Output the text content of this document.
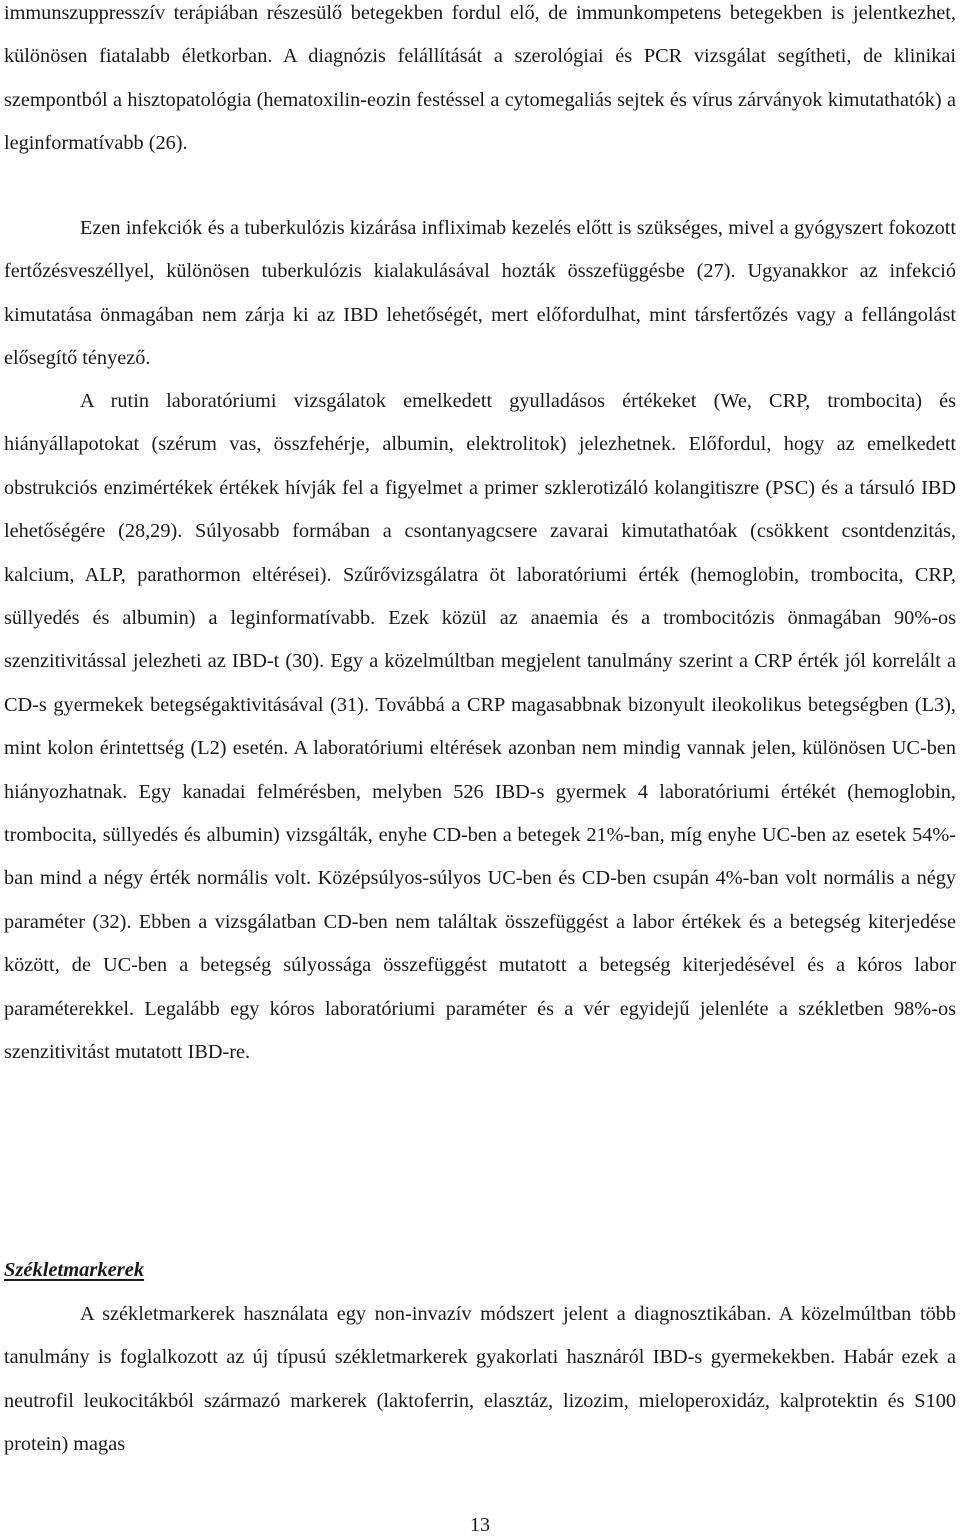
immunszuppresszív terápiában részesülő betegekben fordul elő, de immunkompetens betegekben is jelentkezhet, különösen fiatalabb életkorban. A diagnózis felállítását a szerológiai és PCR vizsgálat segítheti, de klinikai szempontból a hisztopatológia (hematoxilin-eozin festéssel a cytomegaliás sejtek és vírus zárványok kimutathatók) a leginformatívabb (26).

Ezen infekciók és a tuberkulózis kizárása infliximab kezelés előtt is szükséges, mivel a gyógyszert fokozott fertőzésveszéllyel, különösen tuberkulózis kialakulásával hozták összefüggésbe (27). Ugyanakkor az infekció kimutatása önmagában nem zárja ki az IBD lehetőségét, mert előfordulhat, mint társfertőzés vagy a fellángolást elősegítő tényező.

A rutin laboratóriumi vizsgálatok emelkedett gyulladásos értékeket (We, CRP, trombocita) és hiányállapotokat (szérum vas, összfehérje, albumin, elektrolitok) jelezhetnek. Előfordul, hogy az emelkedett obstrukciós enzimértékek értékek hívják fel a figyelmet a primer szklerotizáló kolangitiszre (PSC) és a társuló IBD lehetőségére (28,29). Súlyosabb formában a csontanyagcsere zavarai kimutathatóak (csökkent csontdenzitás, kalcium, ALP, parathormon eltérései). Szűrővizsgálatra öt laboratóriumi érték (hemoglobin, trombocita, CRP, süllyedés és albumin) a leginformatívabb. Ezek közül az anaemia és a trombocitózis önmagában 90%-os szenzitivitással jelezheti az IBD-t (30). Egy a közelmúltban megjelent tanulmány szerint a CRP érték jól korrelált a CD-s gyermekek betegségaktivitásával (31). Továbbá a CRP magasabbnak bizonyult ileokolikus betegségben (L3), mint kolon érintettség (L2) esetén. A laboratóriumi eltérések azonban nem mindig vannak jelen, különösen UC-ben hiányozhatnak. Egy kanadai felmérésben, melyben 526 IBD-s gyermek 4 laboratóriumi értékét (hemoglobin, trombocita, süllyedés és albumin) vizsgálták, enyhe CD-ben a betegek 21%-ban, míg enyhe UC-ben az esetek 54%-ban mind a négy érték normális volt. Középsúlyos-súlyos UC-ben és CD-ben csupán 4%-ban volt normális a négy paraméter (32). Ebben a vizsgálatban CD-ben nem találtak összefüggést a labor értékek és a betegség kiterjedése között, de UC-ben a betegség súlyossága összefüggést mutatott a betegség kiterjedésével és a kóros labor paraméterekkel. Legalább egy kóros laboratóriumi paraméter és a vér egyidejű jelenléte a székletben 98%-os szenzitivitást mutatott IBD-re.

Székletmarkerek

A székletmarkerek használata egy non-invazív módszert jelent a diagnosztikában. A közelmúltban több tanulmány is foglalkozott az új típusú székletmarkerek gyakorlati hasznáról IBD-s gyermekekben. Habár ezek a neutrofil leukocitákból származó markerek (laktoferrin, elasztáz, lizozim, mieloperoxidáz, kalprotektin és S100 protein) magas

13
